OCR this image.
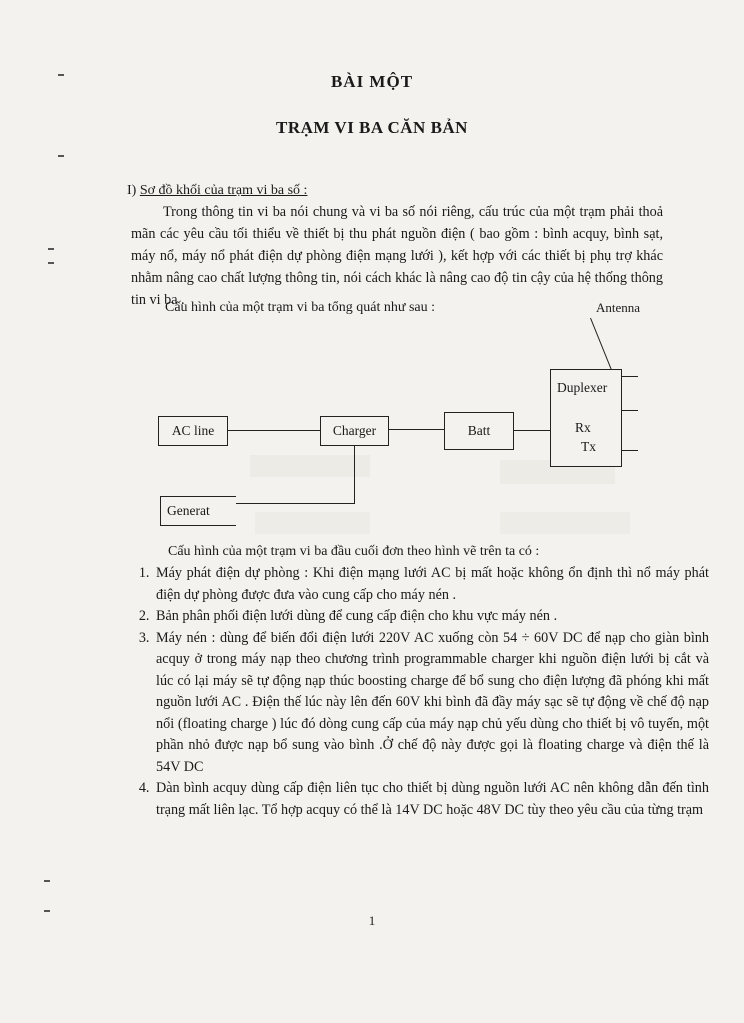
BÀI MỘT
TRẠM VI BA CĂN BẢN
I) Sơ đồ khối của trạm vi ba số :

Trong thông tin vi ba nói chung và vi ba số nói riêng, cấu trúc của một trạm phải thoả mãn các yêu cầu tối thiểu về thiết bị thu phát nguồn điện ( bao gồm : bình acquy, bình sạt, máy nổ, máy nổ phát điện dự phòng điện mạng lưới ), kết hợp với các thiết bị phụ trợ khác nhằm nâng cao chất lượng thông tin, nói cách khác là nâng cao độ tin cậy của hệ thống thông tin vi ba .

Cấu hình của một trạm vi ba tổng quát như sau :	Antenna
AC line	Charger	Batt
Duplexer
Rx
Tx
Generat
Cấu hình của một trạm vi ba đầu cuối đơn theo hình vẽ trên ta có :
1. Máy phát điện dự phòng : Khi điện mạng lưới AC bị mất hoặc không ổn định thì nổ máy phát điện dự phòng được đưa vào cung cấp cho máy nén .
2. Bản phân phối điện lưới dùng để cung cấp điện cho khu vực máy nén .
3. Máy nén : dùng để biến đổi điện lưới 220V AC xuống còn 54 ÷ 60V DC để nạp cho giàn bình acquy ở trong máy nạp theo chương trình programmable charger khi nguồn điện lưới bị cắt và lúc có lại máy sẽ tự động nạp thúc boosting charge để bổ sung cho điện lượng đã phóng khi mất nguồn lưới AC . Điện thế lúc này lên đến 60V khi bình đã đầy máy sạc sẽ tự động về chế độ nạp nổi (floating charge ) lúc đó dòng cung cấp của máy nạp chủ yếu dùng cho thiết bị vô tuyến, một phần nhỏ được nạp bổ sung vào bình .Ở chế độ này được gọi là floating charge và điện thế là 54V DC
4. Dàn bình acquy dùng cấp điện liên tục cho thiết bị dùng nguồn lưới AC nên không dẫn đến tình trạng mất liên lạc. Tổ hợp acquy có thể là 14V DC hoặc 48V DC tùy theo yêu cầu của từng trạm
1
